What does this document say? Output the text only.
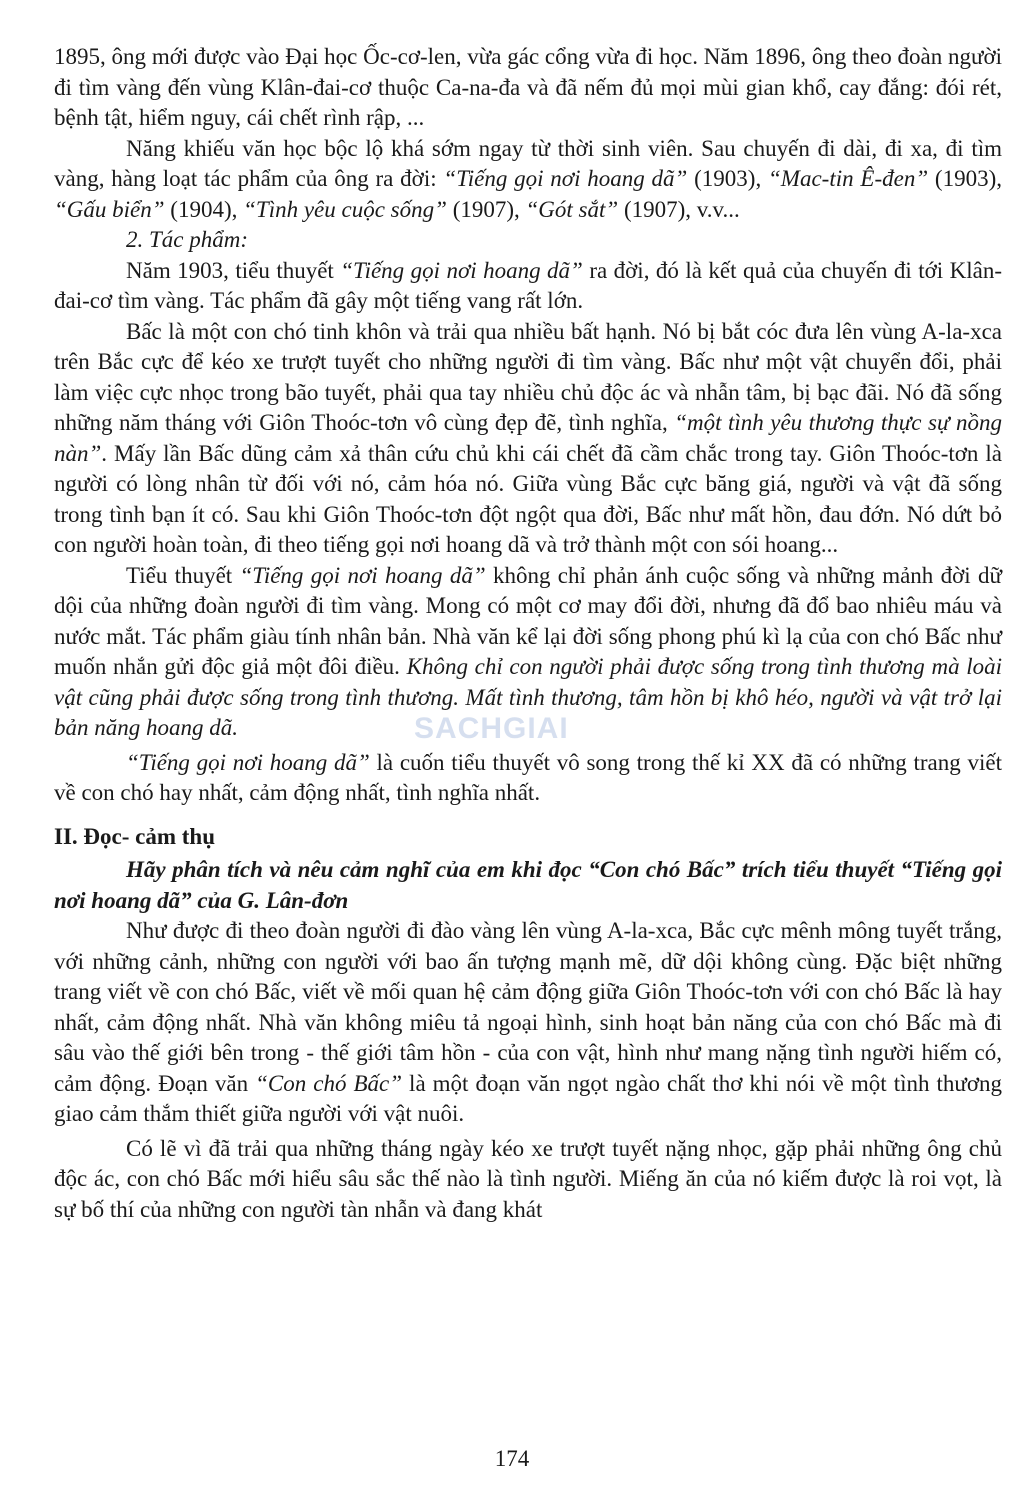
1895, ông mới được vào Đại học Ốc-cơ-len, vừa gác cổng vừa đi học. Năm 1896, ông theo đoàn người đi tìm vàng đến vùng Klân-đai-cơ thuộc Ca-na-đa và đã nếm đủ mọi mùi gian khổ, cay đắng: đói rét, bệnh tật, hiểm nguy, cái chết rình rập, ...

Năng khiếu văn học bộc lộ khá sớm ngay từ thời sinh viên. Sau chuyến đi dài, đi xa, đi tìm vàng, hàng loạt tác phẩm của ông ra đời: “Tiếng gọi nơi hoang dã” (1903), “Mac-tin Ê-đen” (1903), “Gấu biển” (1904), “Tình yêu cuộc sống” (1907), “Gót sắt” (1907), v.v...

2. Tác phẩm:

Năm 1903, tiểu thuyết “Tiếng gọi nơi hoang dã” ra đời, đó là kết quả của chuyến đi tới Klân-đai-cơ tìm vàng. Tác phẩm đã gây một tiếng vang rất lớn.

Bấc là một con chó tinh khôn và trải qua nhiều bất hạnh. Nó bị bắt cóc đưa lên vùng A-la-xca trên Bắc cực để kéo xe trượt tuyết cho những người đi tìm vàng. Bấc như một vật chuyển đổi, phải làm việc cực nhọc trong bão tuyết, phải qua tay nhiều chủ độc ác và nhẫn tâm, bị bạc đãi. Nó đã sống những năm tháng với Giôn Thoóc-tơn vô cùng đẹp đẽ, tình nghĩa, “một tình yêu thương thực sự nồng nàn”. Mấy lần Bấc dũng cảm xả thân cứu chủ khi cái chết đã cầm chắc trong tay. Giôn Thoóc-tơn là người có lòng nhân từ đối với nó, cảm hóa nó. Giữa vùng Bắc cực băng giá, người và vật đã sống trong tình bạn ít có. Sau khi Giôn Thoóc-tơn đột ngột qua đời, Bấc như mất hồn, đau đớn. Nó dứt bỏ con người hoàn toàn, đi theo tiếng gọi nơi hoang dã và trở thành một con sói hoang...

Tiểu thuyết “Tiếng gọi nơi hoang dã” không chỉ phản ánh cuộc sống và những mảnh đời dữ dội của những đoàn người đi tìm vàng. Mong có một cơ may đổi đời, nhưng đã đổ bao nhiêu máu và nước mắt. Tác phẩm giàu tính nhân bản. Nhà văn kể lại đời sống phong phú kì lạ của con chó Bấc như muốn nhắn gửi độc giả một đôi điều. Không chỉ con người phải được sống trong tình thương mà loài vật cũng phải được sống trong tình thương. Mất tình thương, tâm hồn bị khô héo, người và vật trở lại bản năng hoang dã.

“Tiếng gọi nơi hoang dã” là cuốn tiểu thuyết vô song trong thế kỉ XX đã có những trang viết về con chó hay nhất, cảm động nhất, tình nghĩa nhất.

II. Đọc- cảm thụ

Hãy phân tích và nêu cảm nghĩ của em khi đọc “Con chó Bấc” trích tiểu thuyết “Tiếng gọi nơi hoang dã” của G. Lân-đơn

Như được đi theo đoàn người đi đào vàng lên vùng A-la-xca, Bắc cực mênh mông tuyết trắng, với những cảnh, những con người với bao ấn tượng mạnh mẽ, dữ dội không cùng. Đặc biệt những trang viết về con chó Bấc, viết về mối quan hệ cảm động giữa Giôn Thoóc-tơn với con chó Bấc là hay nhất, cảm động nhất. Nhà văn không miêu tả ngoại hình, sinh hoạt bản năng của con chó Bấc mà đi sâu vào thế giới bên trong - thế giới tâm hồn - của con vật, hình như mang nặng tình người hiếm có, cảm động. Đoạn văn “Con chó Bấc” là một đoạn văn ngọt ngào chất thơ khi nói về một tình thương giao cảm thắm thiết giữa người với vật nuôi.

Có lẽ vì đã trải qua những tháng ngày kéo xe trượt tuyết nặng nhọc, gặp phải những ông chủ độc ác, con chó Bấc mới hiểu sâu sắc thế nào là tình người. Miếng ăn của nó kiếm được là roi vọt, là sự bố thí của những con người tàn nhẫn và đang khát

SACHGIAI
174
